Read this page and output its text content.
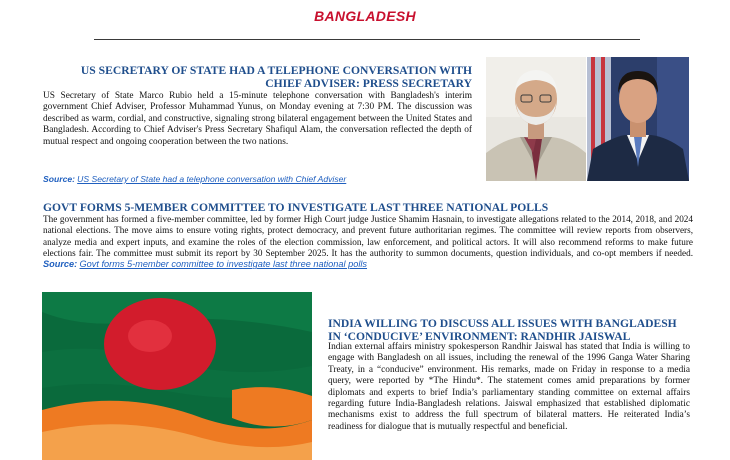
BANGLADESH
US SECRETARY OF STATE HAD A TELEPHONE CONVERSATION WITH CHIEF ADVISER: PRESS SECRETARY
US Secretary of State Marco Rubio held a 15-minute telephone conversation with Bangladesh's interim government Chief Adviser, Professor Muhammad Yunus, on Monday evening at 7:30 PM. The discussion was described as warm, cordial, and constructive, signaling strong bilateral engagement between the United States and Bangladesh. According to Chief Adviser's Press Secretary Shafiqul Alam, the conversation reflected the depth of mutual respect and ongoing cooperation between the two nations.
Source: US Secretary of State had a telephone conversation with Chief Adviser
GOVT FORMS 5-MEMBER COMMITTEE TO INVESTIGATE LAST THREE NATIONAL POLLS
The government has formed a five-member committee, led by former High Court judge Justice Shamim Hasnain, to investigate allegations related to the 2014, 2018, and 2024 national elections. The move aims to ensure voting rights, protect democracy, and prevent future authoritarian regimes. The committee will review reports from observers, analyze media and expert inputs, and examine the roles of the election commission, law enforcement, and political actors. It will also recommend reforms to make future elections fair. The committee must submit its report by 30 September 2025. It has the authority to summon documents, question individuals, and co-opt members if needed. Source: Govt forms 5-member committee to investigate last three national polls
INDIA WILLING TO DISCUSS ALL ISSUES WITH BANGLADESH IN ‘CONDUCIVE’ ENVIRONMENT: RANDHIR JAISWAL
Indian external affairs ministry spokesperson Randhir Jaiswal has stated that India is willing to engage with Bangladesh on all issues, including the renewal of the 1996 Ganga Water Sharing Treaty, in a “conducive” environment. His remarks, made on Friday in response to a media query, were reported by *The Hindu*. The statement comes amid preparations by former diplomats and experts to brief India’s parliamentary standing committee on external affairs regarding future India-Bangladesh relations. Jaiswal emphasized that established diplomatic mechanisms exist to address the full spectrum of bilateral matters. He reiterated India’s readiness for dialogue that is mutually respectful and beneficial.
